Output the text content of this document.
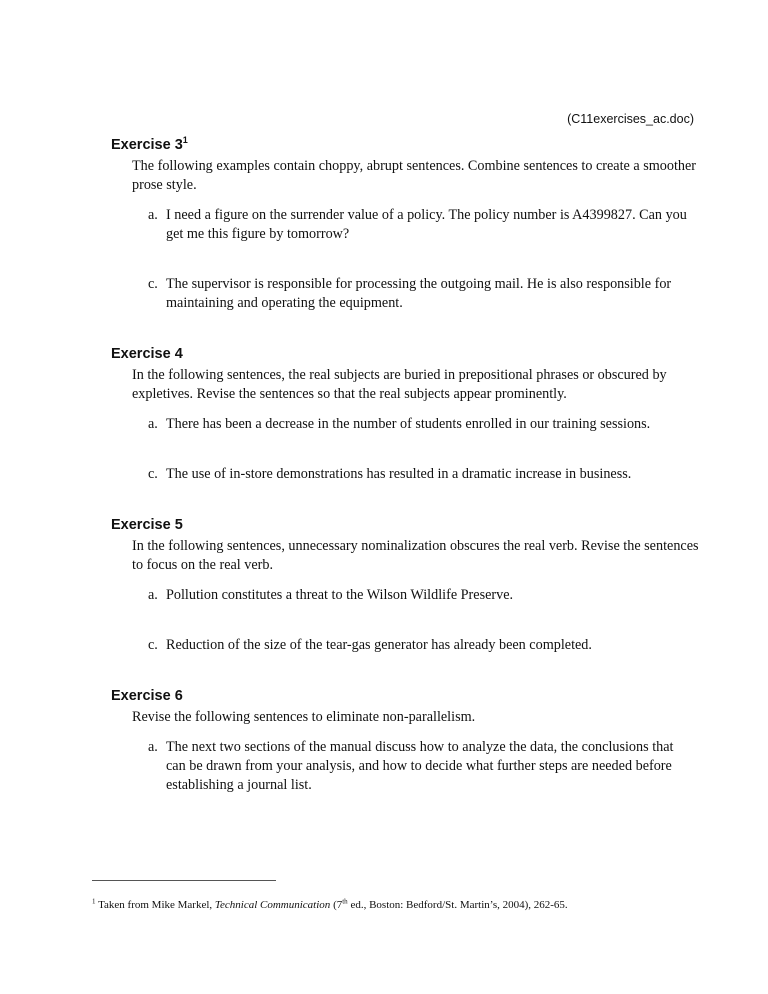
(C11exercises_ac.doc)
Exercise $3^1$
The following examples contain choppy, abrupt sentences. Combine sentences to create a smoother
prose style.
a. I need a figure on the surrender value of a policy. The policy number is A4399827. Can you
get me this figure by tomorrow?
c. The supervisor is responsible for processing the outgoing mail. He is also responsible for
maintaining and operating the equipment.
Exercise 4
In the following sentences, the real subjects are buried in prepositional phrases or obscured by
expletives. Revise the sentences so that the real subjects appear prominently.
a. There has been a decrease in the number of students enrolled in our training sessions.
c. The use of in-store demonstrations has resulted in a dramatic increase in business.
Exercise 5
In the following sentences, unnecessary nominalization obscures the real verb. Revise the sentences
to focus on the real verb.
a. Pollution constitutes a threat to the Wilson Wildlife Preserve.
c. Reduction of the size of the tear-gas generator has already been completed.
Exercise 6
Revise the following sentences to eliminate non-parallelism.
a. The next two sections of the manual discuss how to analyze the data, the conclusions that
can be drawn from your analysis, and how to decide what further steps are needed before
establishing a journal list.
$^1$ Taken from Mike Markel, Technical Communication (7th ed., Boston: Bedford/St. Martin’s, 2004), 262-65.
